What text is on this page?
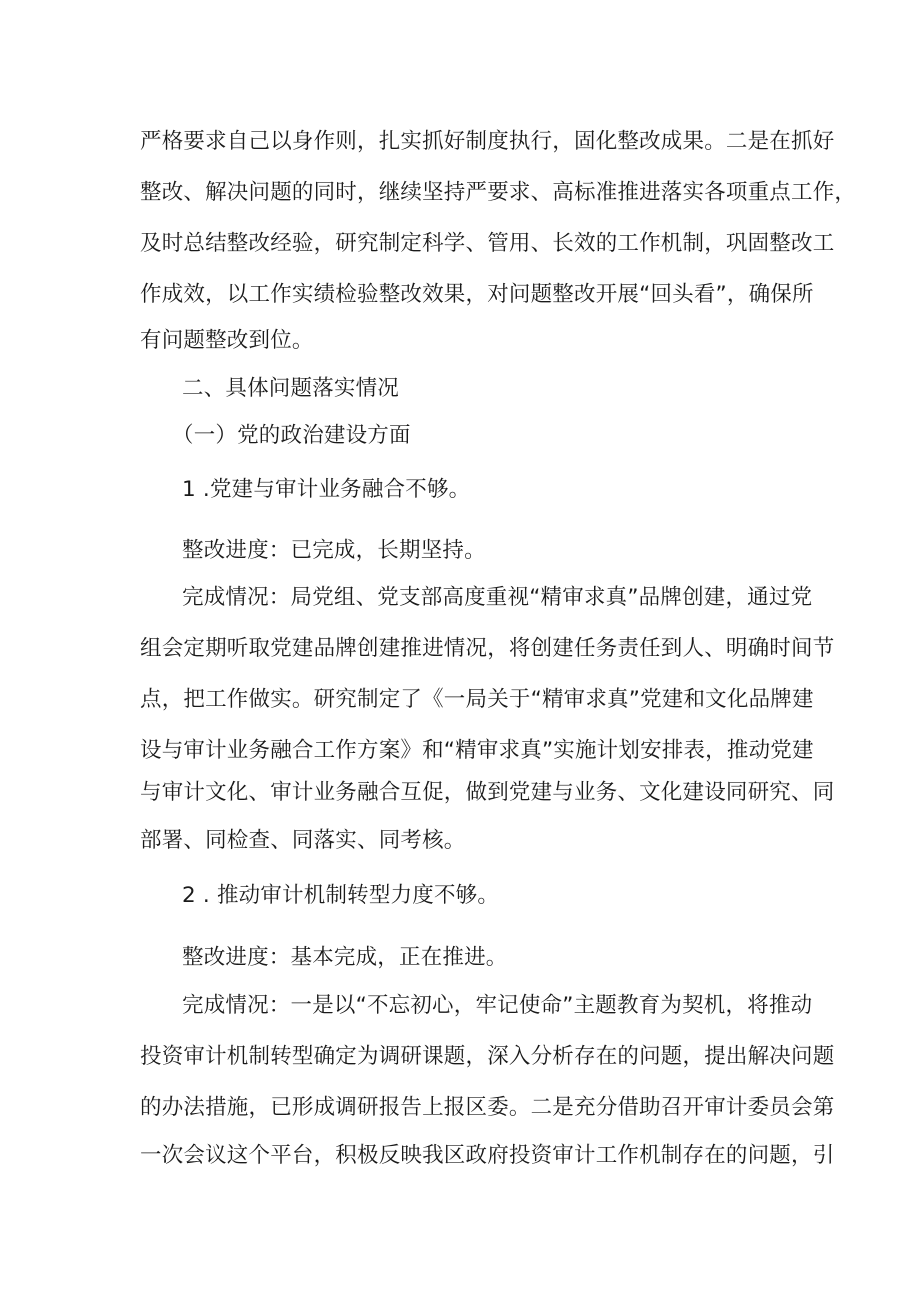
严格要求自己以身作则，扎实抓好制度执行，固化整改成果。二是在抓好
整改、解决问题的同时，继续坚持严要求、高标准推进落实各项重点工作，
及时总结整改经验，研究制定科学、管用、长效的工作机制，巩固整改工
作成效，以工作实绩检验整改效果，对问题整改开展“回头看”，确保所
有问题整改到位。
二、具体问题落实情况
（一）党的政治建设方面
1 .党建与审计业务融合不够。
整改进度：已完成，长期坚持。
完成情况：局党组、党支部高度重视“精审求真”品牌创建，通过党
组会定期听取党建品牌创建推进情况，将创建任务责任到人、明确时间节
点，把工作做实。研究制定了《一局关于“精审求真”党建和文化品牌建
设与审计业务融合工作方案》和“精审求真”实施计划安排表，推动党建
与审计文化、审计业务融合互促，做到党建与业务、文化建设同研究、同
部署、同检查、同落实、同考核。
2 . 推动审计机制转型力度不够。
整改进度：基本完成，正在推进。
完成情况：一是以“不忘初心，牢记使命”主题教育为契机，将推动
投资审计机制转型确定为调研课题，深入分析存在的问题，提出解决问题
的办法措施，已形成调研报告上报区委。二是充分借助召开审计委员会第
一次会议这个平台，积极反映我区政府投资审计工作机制存在的问题，引
